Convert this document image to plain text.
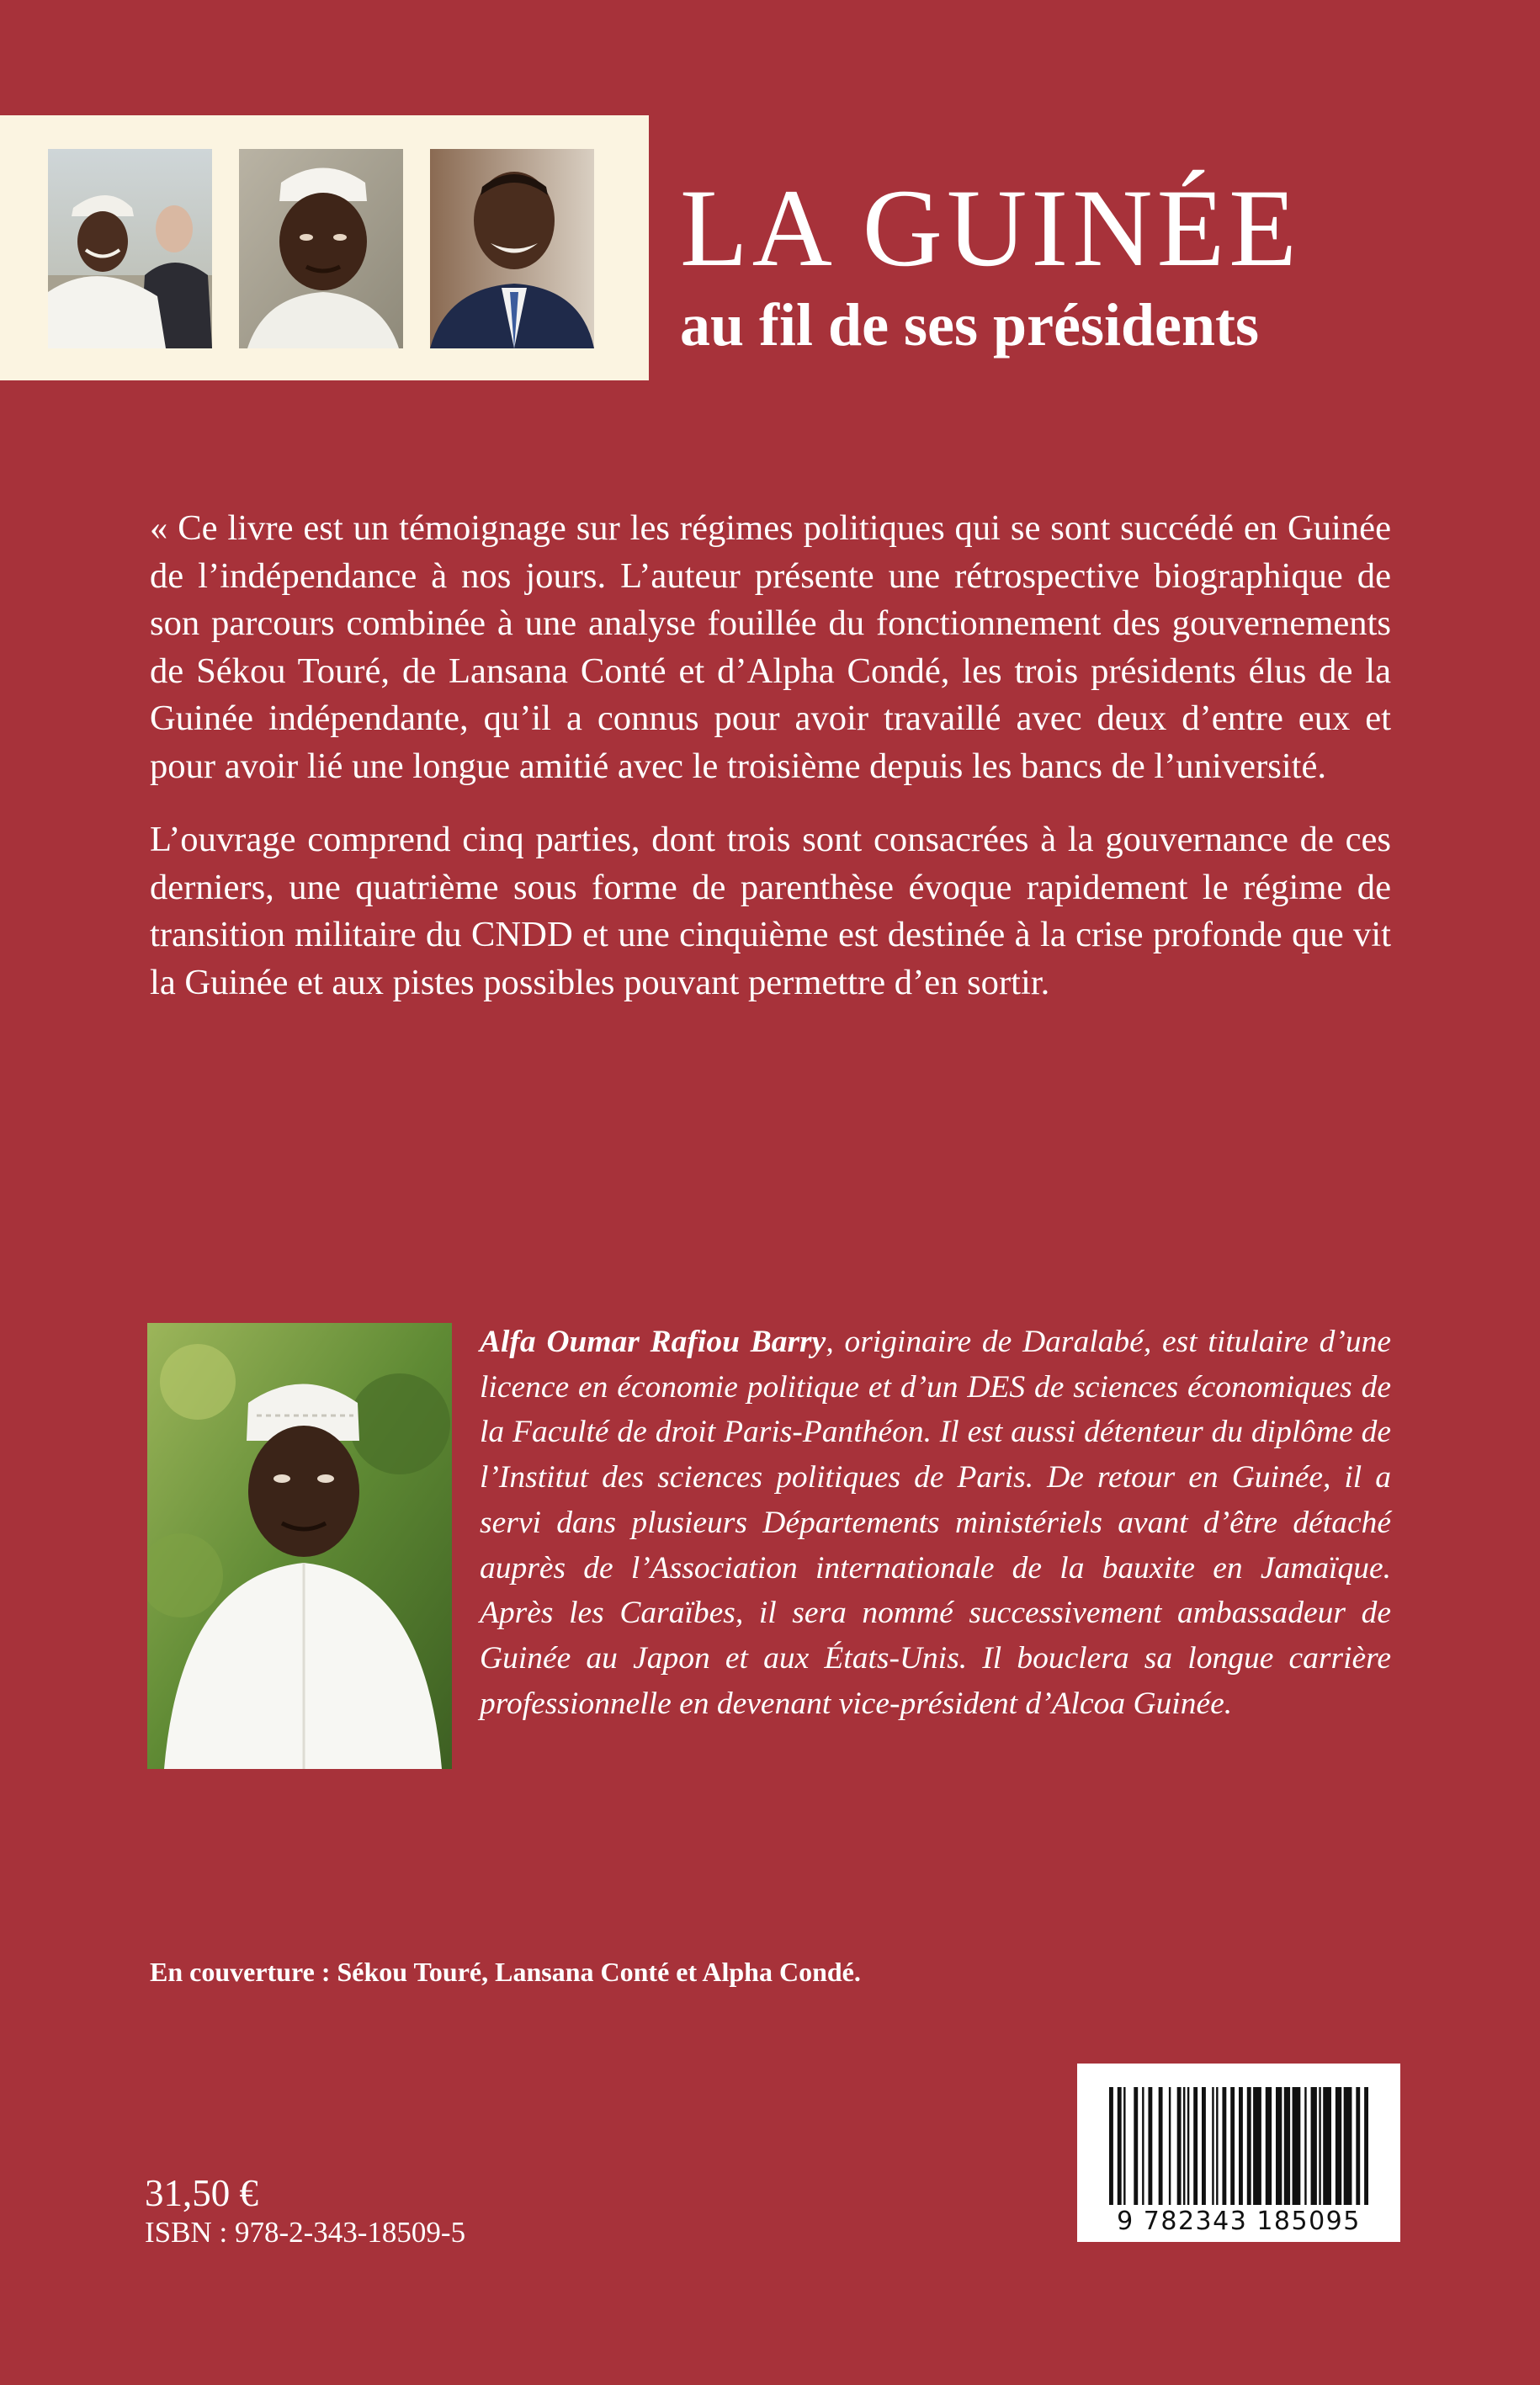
LA GUINÉE
au fil de ses présidents

« Ce livre est un témoignage sur les régimes politiques qui se sont succédé en Guinée de l’indépendance à nos jours. L’auteur présente une rétrospective biographique de son parcours combinée à une analyse fouillée du fonctionnement des gouvernements de Sékou Touré, de Lansana Conté et d’Alpha Condé, les trois présidents élus de la Guinée indépendante, qu’il a connus pour avoir travaillé avec deux d’entre eux et pour avoir lié une longue amitié avec le troisième depuis les bancs de l’université.

L’ouvrage comprend cinq parties, dont trois sont consacrées à la gouvernance de ces derniers, une quatrième sous forme de parenthèse évoque rapidement le régime de transition militaire du CNDD et une cinquième est destinée à la crise profonde que vit la Guinée et aux pistes possibles pouvant permettre d’en sortir.

Alfa Oumar Rafiou Barry, originaire de Daralabé, est titulaire d’une licence en économie politique et d’un DES de sciences économiques de la Faculté de droit Paris-Panthéon. Il est aussi détenteur du diplôme de l’Institut des sciences politiques de Paris. De retour en Guinée, il a servi dans plusieurs Départements ministériels avant d’être détaché auprès de l’Association internationale de la bauxite en Jamaïque. Après les Caraïbes, il sera nommé successivement ambassadeur de Guinée au Japon et aux États-Unis. Il bouclera sa longue carrière professionnelle en devenant vice-président d’Alcoa Guinée.

En couverture : Sékou Touré, Lansana Conté et Alpha Condé.

31,50 €

ISBN : 978-2-343-18509-5	9 782343 185095
